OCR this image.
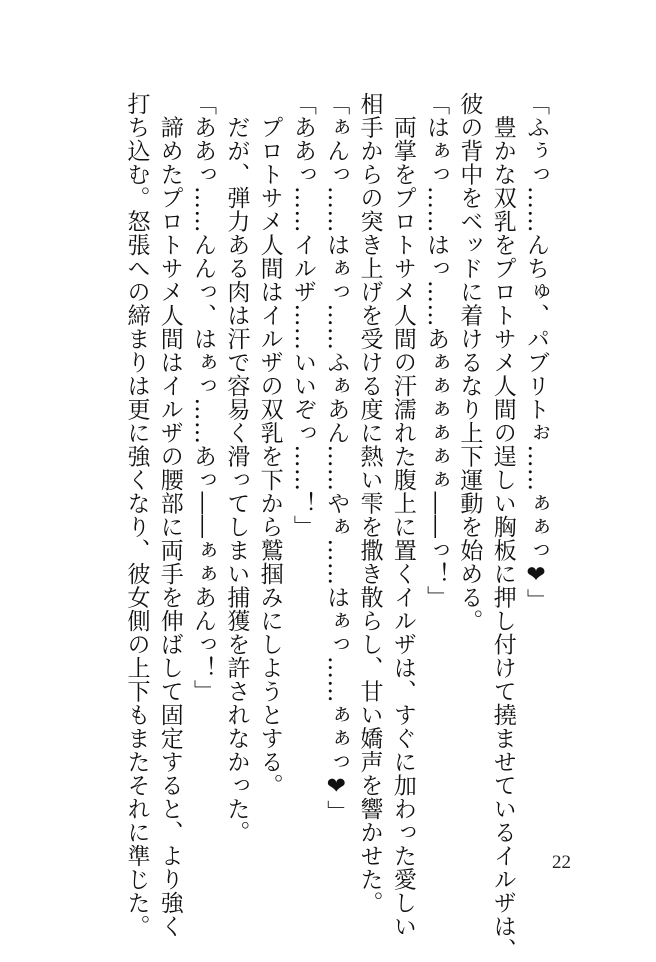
「ふぅっ……んちゅ、パブリトぉ……ぁぁっ❤」

　豊かな双乳をプロトサメ人間の逞しい胸板に押し付けて撓ませているイルザは、

彼の背中をベッドに着けるなり上下運動を始める。

「はぁっ……はっ……あぁぁぁぁぁぁ――っ！」

　両掌をプロトサメ人間の汗濡れた腹上に置くイルザは、すぐに加わった愛しい

相手からの突き上げを受ける度に熱い雫を撒き散らし、甘い嬌声を響かせた。

「ぁんっ……はぁっ……ふぁあん……やぁ……はぁっ……ぁぁっ❤」

「ああっ……イルザ……いいぞっ……！」

　プロトサメ人間はイルザの双乳を下から鷲掴みにしようとする。

　だが、弾力ある肉は汗で容易く滑ってしまい捕獲を許されなかった。

「ああっ……んんっ、はぁっ……あっ――ぁぁあんっ！」

　諦めたプロトサメ人間はイルザの腰部に両手を伸ばして固定すると、より強く

打ち込む。怒張への締まりは更に強くなり、彼女側の上下もまたそれに準じた。	22
